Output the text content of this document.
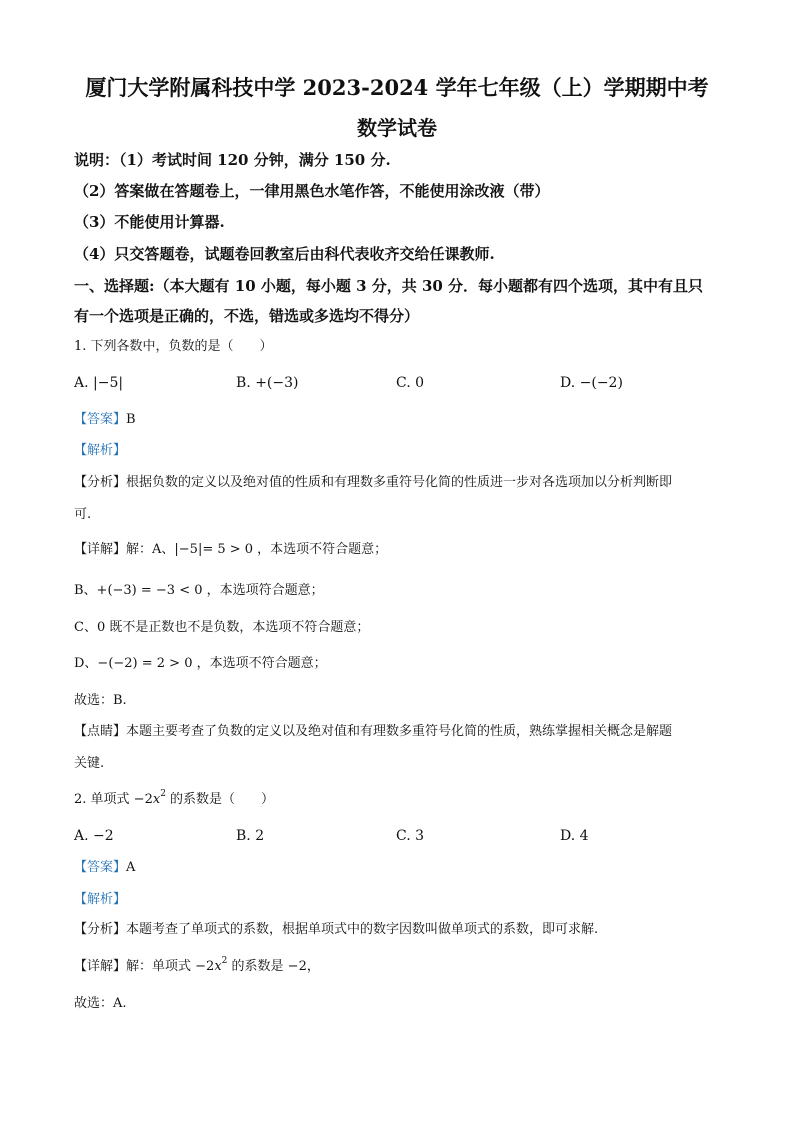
厦门大学附属科技中学 2023-2024 学年七年级（上）学期期中考
数学试卷
说明：（1）考试时间 120 分钟，满分 150 分.
（2）答案做在答题卷上，一律用黑色水笔作答，不能使用涂改液（带）
（3）不能使用计算器.
（4）只交答题卷，试题卷回教室后由科代表收齐交给任课教师.
一、选择题:（本大题有 10 小题，每小题 3 分，共 30 分．每小题都有四个选项，其中有且只
有一个选项是正确的，不选，错选或多选均不得分）
1. 下列各数中，负数的是（　　）
A. |−5|	B. +(−3)	C. 0	D. −(−2)
【答案】B
【解析】
【分析】根据负数的定义以及绝对值的性质和有理数多重符号化简的性质进一步对各选项加以分析判断即
可.
【详解】解：A、|−5|= 5 > 0 ，本选项不符合题意；
B、+(−3) = −3 < 0 ，本选项符合题意；
C、0 既不是正数也不是负数，本选项不符合题意；
D、−(−2) = 2 > 0 ，本选项不符合题意；
故选：B.
【点睛】本题主要考查了负数的定义以及绝对值和有理数多重符号化简的性质，熟练掌握相关概念是解题
关键.
2. 单项式 $-2x^2$ 的系数是（　　）
A. −2	B. 2	C. 3	D. 4
【答案】A
【解析】
【分析】本题考查了单项式的系数，根据单项式中的数字因数叫做单项式的系数，即可求解.
【详解】解：单项式 $-2x^2$ 的系数是 −2，
故选：A.
